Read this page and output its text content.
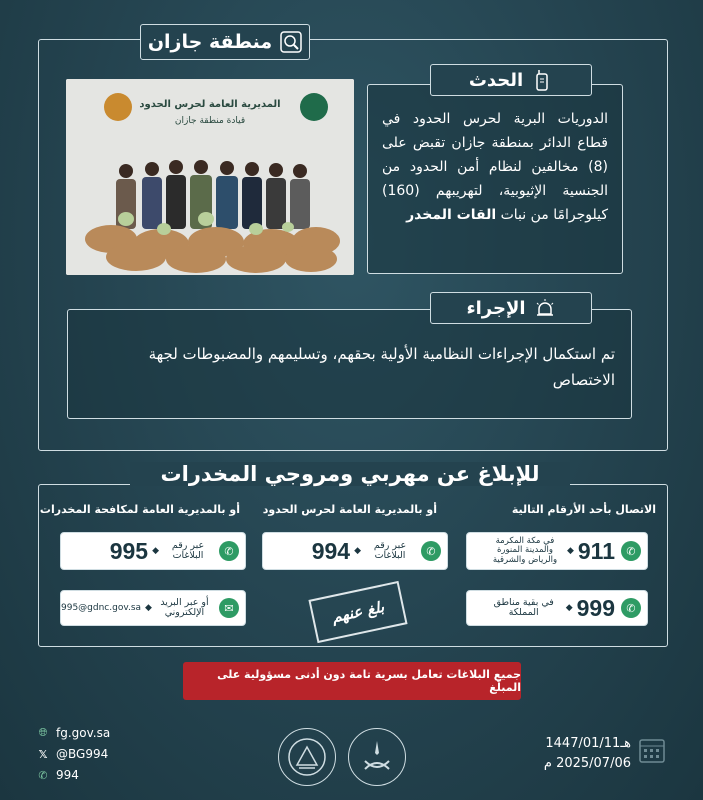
منطقة جازان
المديرية العامة لحرس الحدود
قيادة منطقة جازان	الدوريات البرية لحرس الحدود في قطاع الدائر بمنطقة جازان تقبض على (8) مخالفين لنظام أمن الحدود من الجنسية الإثيوبية، لتهريبهم (160) كيلوجرامًا من نبات القات المخدر
الحدث
تم استكمال الإجراءات النظامية الأولية بحقهم، وتسليمهم والمضبوطات لجهة الاختصاص
الإجراء
للإبلاغ عن مهربي ومروجي المخدرات
الاتصال بأحد الأرقام التالية
أو بالمديرية العامة لحرس الحدود
أو بالمديرية العامة لمكافحة المخدرات
✆
911
◆
في مكة المكرمة والمدينة المنورة والرياض والشرقية
✆
عبر رقم البلاغات
◆
994
✆
عبر رقم البلاغات
◆
995
✆
999
◆
في بقية مناطق المملكة
✉
أو عبر البريد الإلكتروني
◆
995@gdnc.gov.sa	بلغ عنهم
جميع البلاغات تعامل بسرية تامة دون أدنى مسؤولية على المبلّغ
🌐︎ fg.gov.sa
𝕏 @BG994
✆ 994
1447/01/11هـ
2025/07/06 م
